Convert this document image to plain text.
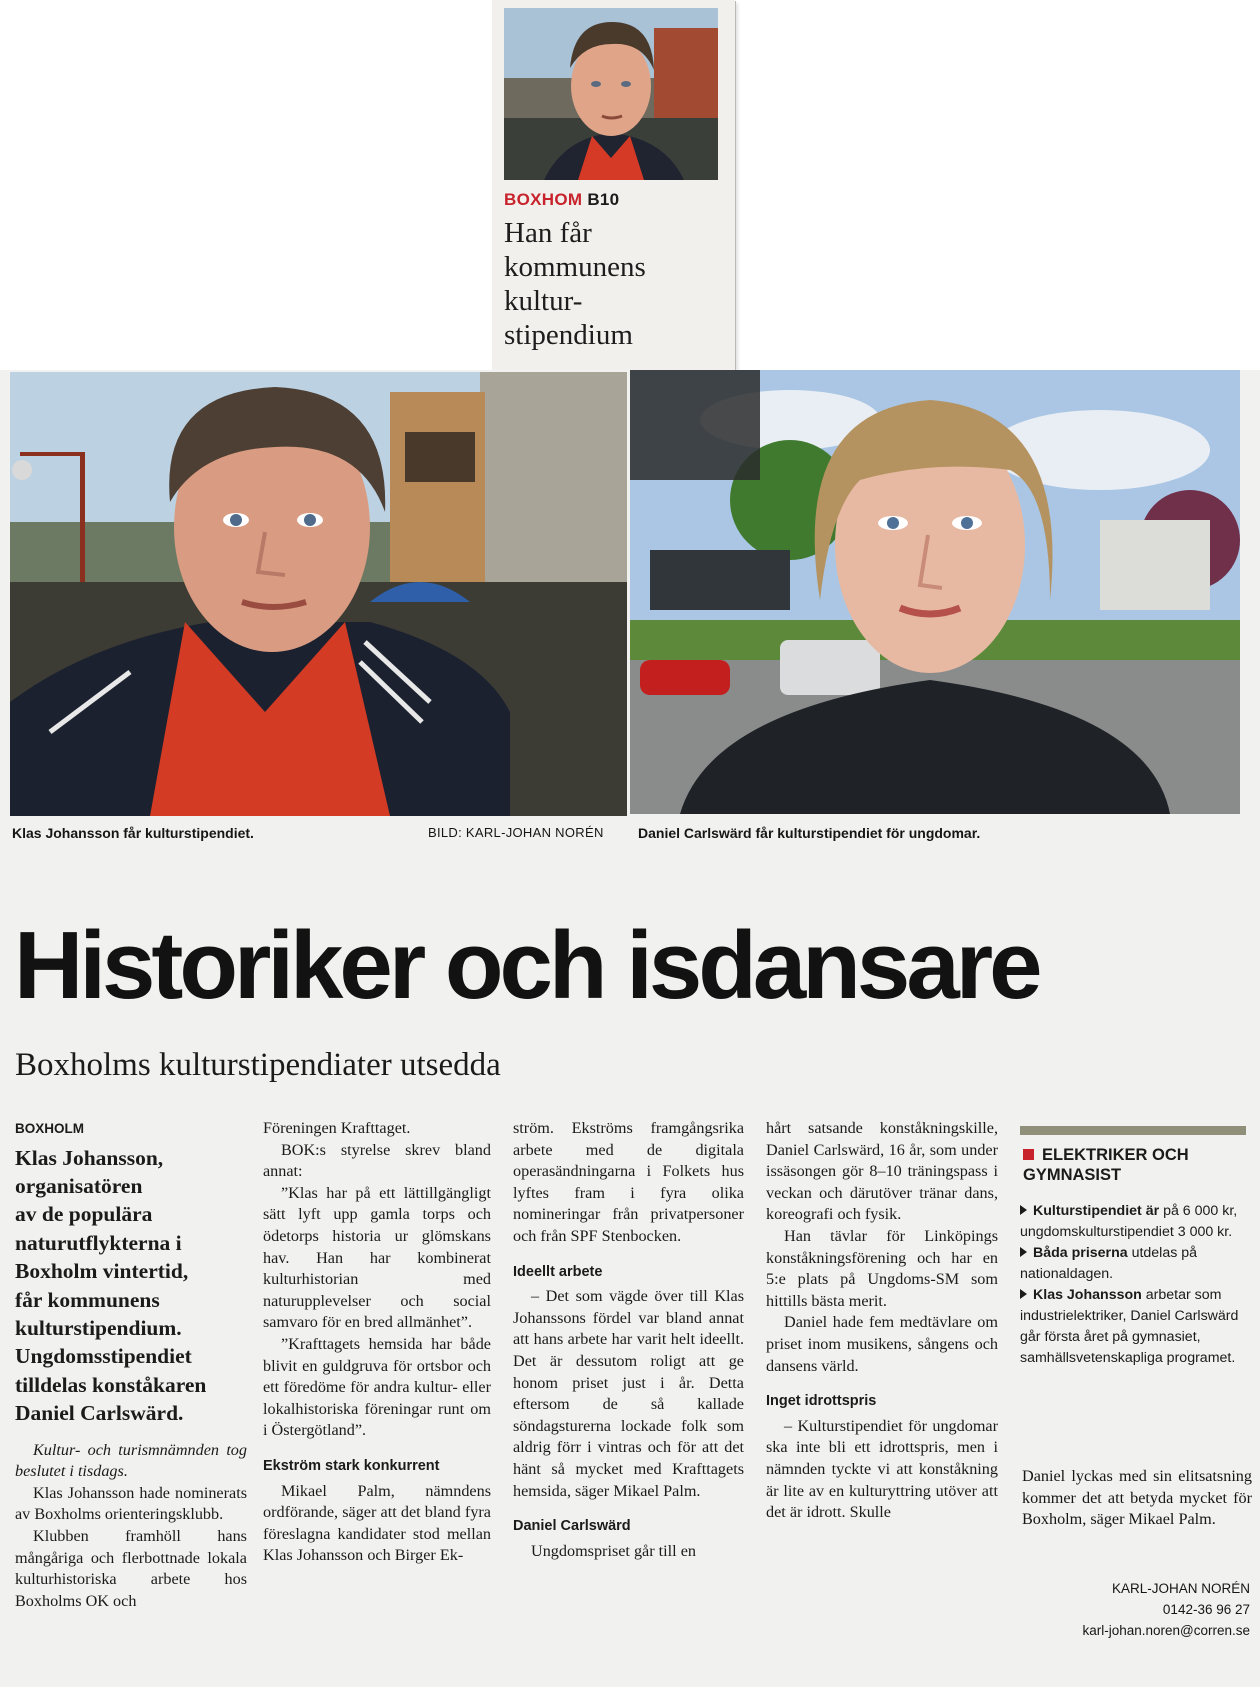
BOXHOM B10
Han får
kommunens
kultur-
stipendium
Klas Johansson får kulturstipendiet.	BILD: KARL-JOHAN NORÉN Daniel Carlswärd får kulturstipendiet för ungdomar.
Historiker och isdansare
Boxholms kulturstipendiater utsedda

BOXHOLM

Klas Johansson,
organisatören
av de populära
naturutflykterna i
Boxholm vintertid,
får kommunens
kulturstipendium.
Ungdomsstipendiet
tilldelas konståkaren
Daniel Carlswärd.

Kultur- och turismnämnden tog beslutet i tisdags.

Klas Johansson hade nominerats av Boxholms orienteringsklubb.

Klubben framhöll hans mångåriga och flerbottnade lokala kulturhistoriska arbete hos Boxholms OK och

Föreningen Krafttaget.

BOK:s styrelse skrev bland annat:

”Klas har på ett lättillgängligt sätt lyft upp gamla torps och ödetorps historia ur glömskans hav. Han har kombinerat kulturhistorian med naturupplevelser och social samvaro för en bred allmänhet”.

”Krafttagets hemsida har både blivit en guldgruva för ortsbor och ett föredöme för andra kultur- eller lokalhistoriska föreningar runt om i Östergötland”.

Ekström stark konkurrent

Mikael Palm, nämndens ordförande, säger att det bland fyra föreslagna kandidater stod mellan Klas Johansson och Birger Ek-

ström. Ekströms framgångsrika arbete med de digitala operasändningarna i Folkets hus lyftes fram i fyra olika nomineringar från privatpersoner och från SPF Stenbocken.

Ideellt arbete

– Det som vägde över till Klas Johanssons fördel var bland annat att hans arbete har varit helt ideellt. Det är dessutom roligt att ge honom priset just i år. Detta eftersom de så kallade söndagsturerna lockade folk som aldrig förr i vintras och för att det hänt så mycket med Krafttagets hemsida, säger Mikael Palm.

Daniel Carlswärd

Ungdomspriset går till en

hårt satsande konståkningskille, Daniel Carlswärd, 16 år, som under issäsongen gör 8–10 träningspass i veckan och därutöver tränar dans, koreografi och fysik.

Han tävlar för Linköpings konståkningsförening och har en 5:e plats på Ungdoms-SM som hittills bästa merit.

Daniel hade fem medtävlare om priset inom musikens, sångens och dansens värld.

Inget idrottspris

– Kulturstipendiet för ungdomar ska inte bli ett idrottspris, men i nämnden tyckte vi att konståkning är lite av en kulturyttring utöver att det är idrott. Skulle

ELEKTRIKER OCH GYMNASIST
Kulturstipendiet är på 6 000 kr, ungdomskulturstipendiet 3 000 kr.
Båda priserna utdelas på nationaldagen.
Klas Johansson arbetar som industrielektriker, Daniel Carlswärd går första året på gymnasiet, samhällsvetenskapliga programet.
Daniel lyckas med sin elitsatsning kommer det att betyda mycket för Boxholm, säger Mikael Palm.
KARL-JOHAN NORÉN
0142-36 96 27
karl-johan.noren@corren.se
